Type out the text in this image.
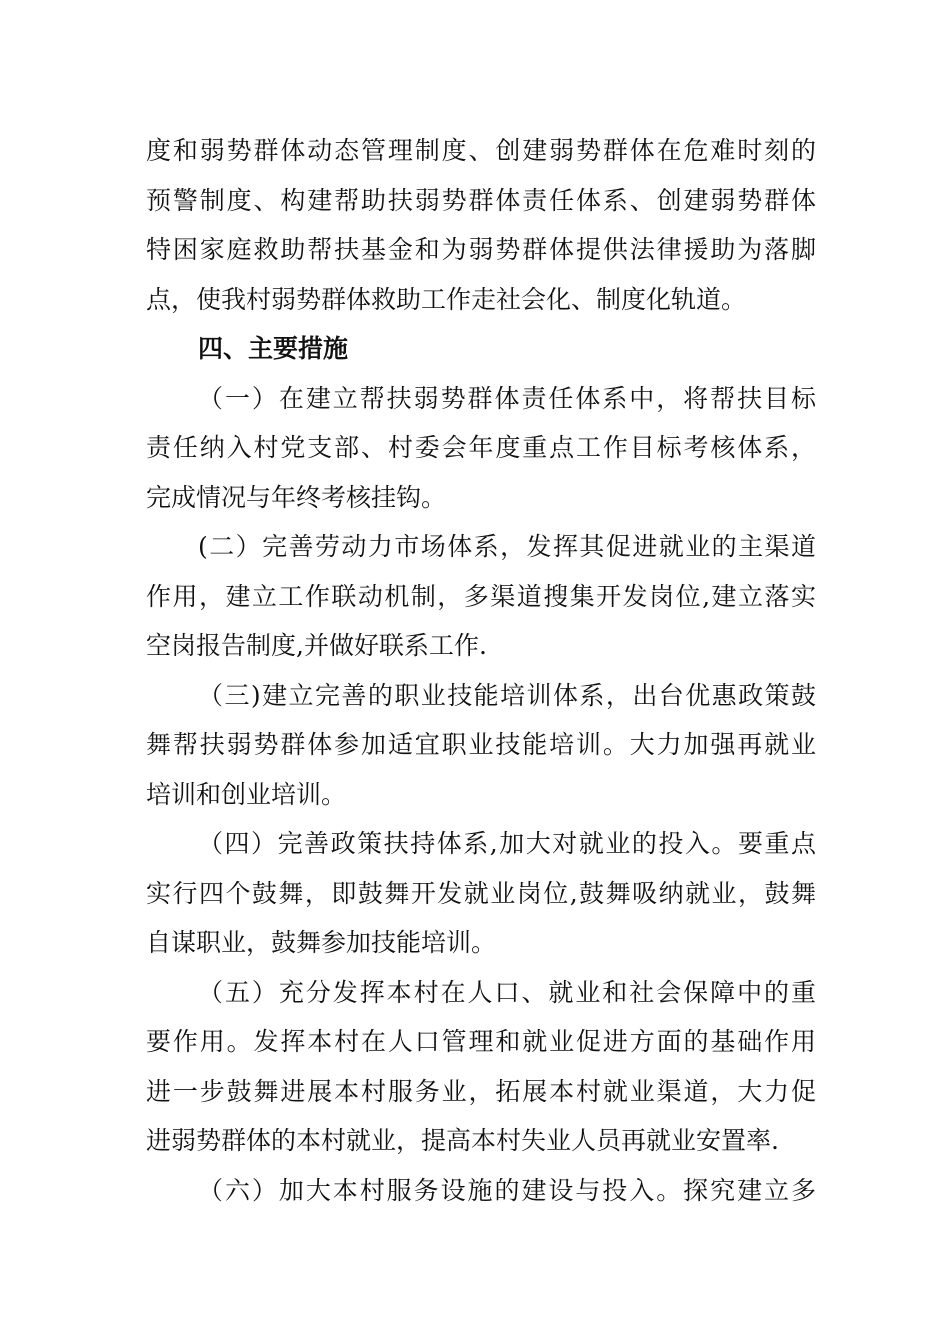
度和弱势群体动态管理制度、创建弱势群体在危难时刻的

预警制度、构建帮助扶弱势群体责任体系、创建弱势群体

特困家庭救助帮扶基金和为弱势群体提供法律援助为落脚

点，使我村弱势群体救助工作走社会化、制度化轨道。

四、主要措施

（一）在建立帮扶弱势群体责任体系中，将帮扶目标

责任纳入村党支部、村委会年度重点工作目标考核体系，

完成情况与年终考核挂钩。

(二）完善劳动力市场体系，发挥其促进就业的主渠道

作用，建立工作联动机制，多渠道搜集开发岗位,建立落实

空岗报告制度,并做好联系工作.

（三)建立完善的职业技能培训体系，出台优惠政策鼓

舞帮扶弱势群体参加适宜职业技能培训。大力加强再就业

培训和创业培训。

（四）完善政策扶持体系,加大对就业的投入。要重点

实行四个鼓舞，即鼓舞开发就业岗位,鼓舞吸纳就业，鼓舞

自谋职业，鼓舞参加技能培训。

（五）充分发挥本村在人口、就业和社会保障中的重

要作用。发挥本村在人口管理和就业促进方面的基础作用

进一步鼓舞进展本村服务业，拓展本村就业渠道，大力促

进弱势群体的本村就业，提高本村失业人员再就业安置率.

（六）加大本村服务设施的建设与投入。探究建立多
